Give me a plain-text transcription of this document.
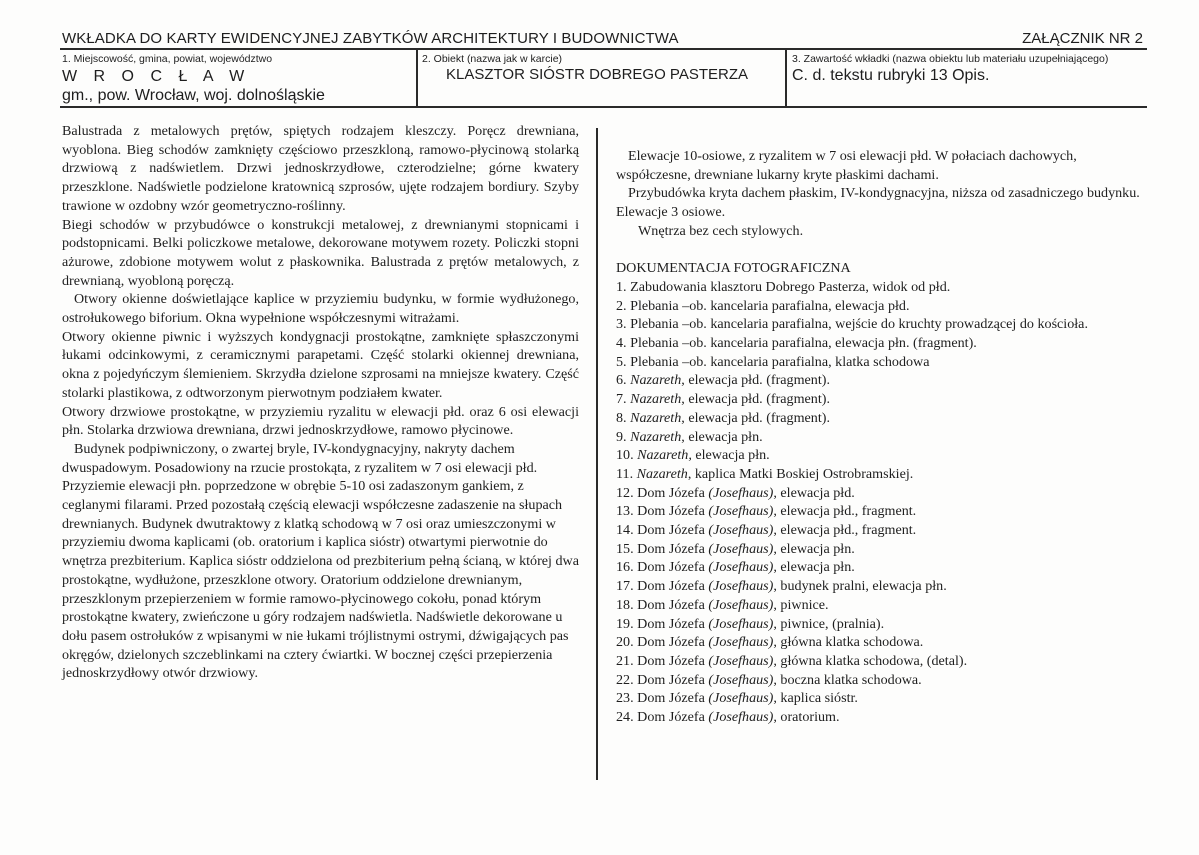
WKŁADKA DO KARTY EWIDENCYJNEJ ZABYTKÓW ARCHITEKTURY I BUDOWNICTWA	ZAŁĄCZNIK NR 2
1. Miejscowość, gmina, powiat, województwo
W R O C Ł A W
gm., pow. Wrocław, woj. dolnośląskie
2. Obiekt (nazwa jak w karcie)
KLASZTOR SIÓSTR DOBREGO PASTERZA
3. Zawartość wkładki (nazwa obiektu lub materiału uzupełniającego)
C. d. tekstu rubryki 13 Opis.

Balustrada z metalowych prętów, spiętych rodzajem kleszczy. Poręcz drewniana, wyoblona. Bieg schodów zamknięty częściowo przeszkloną, ramowo-płycinową stolarką drzwiową z nadświetlem. Drzwi jednoskrzydłowe, czterodzielne; górne kwatery przeszklone. Nadświetle podzielone kratownicą szprosów, ujęte rodzajem bordiury. Szyby trawione w ozdobny wzór geometryczno-roślinny.

Biegi schodów w przybudówce o konstrukcji metalowej, z drewnianymi stopnicami i podstopnicami. Belki policzkowe metalowe, dekorowane motywem rozety. Policzki stopni ażurowe, zdobione motywem wolut z płaskownika. Balustrada z prętów metalowych, z drewnianą, wyobloną poręczą.

Otwory okienne doświetlające kaplice w przyziemiu budynku, w formie wydłużonego, ostrołukowego biforium. Okna wypełnione współczesnymi witrażami.

Otwory okienne piwnic i wyższych kondygnacji prostokątne, zamknięte spłaszczonymi łukami odcinkowymi, z ceramicznymi parapetami. Część stolarki okiennej drewniana, okna z pojedyńczym ślemieniem. Skrzydła dzielone szprosami na mniejsze kwatery. Część stolarki plastikowa, z odtworzonym pierwotnym podziałem kwater.

Otwory drzwiowe prostokątne, w przyziemiu ryzalitu w elewacji płd. oraz 6 osi elewacji płn. Stolarka drzwiowa drewniana, drzwi jednoskrzydłowe, ramowo płycinowe.

Budynek podpiwniczony, o zwartej bryle, IV-kondygnacyjny, nakryty dachem dwuspadowym. Posadowiony na rzucie prostokąta, z ryzalitem w 7 osi elewacji płd. Przyziemie elewacji płn. poprzedzone w obrębie 5-10 osi zadaszonym gankiem, z ceglanymi filarami. Przed pozostałą częścią elewacji współczesne zadaszenie na słupach drewnianych. Budynek dwutraktowy z klatką schodową w 7 osi oraz umieszczonymi w przyziemiu dwoma kaplicami (ob. oratorium i kaplica sióstr) otwartymi pierwotnie do wnętrza prezbiterium. Kaplica sióstr oddzielona od prezbiterium pełną ścianą, w której dwa prostokątne, wydłużone, przeszklone otwory. Oratorium oddzielone drewnianym, przeszklonym przepierzeniem w formie ramowo-płycinowego cokołu, ponad którym prostokątne kwatery, zwieńczone u góry rodzajem nadświetla. Nadświetle dekorowane u dołu pasem ostrołuków z wpisanymi w nie łukami trójlistnymi ostrymi, dźwigających pas okręgów, dzielonych szczeblinkami na cztery ćwiartki. W bocznej części przepierzenia jednoskrzydłowy otwór drzwiowy.

Elewacje 10-osiowe, z ryzalitem w 7 osi elewacji płd. W połaciach dachowych, współczesne, drewniane lukarny kryte płaskimi dachami.

Przybudówka kryta dachem płaskim, IV-kondygnacyjna, niższa od zasadniczego budynku. Elewacje 3 osiowe.

Wnętrza bez cech stylowych.

DOKUMENTACJA FOTOGRAFICZNA

1. Zabudowania klasztoru Dobrego Pasterza, widok od płd.
2. Plebania –ob. kancelaria parafialna, elewacja płd.
3. Plebania –ob. kancelaria parafialna, wejście do kruchty prowadzącej do kościoła.
4. Plebania –ob. kancelaria parafialna, elewacja płn. (fragment).
5. Plebania –ob. kancelaria parafialna, klatka schodowa
6. Nazareth, elewacja płd. (fragment).
7. Nazareth, elewacja płd. (fragment).
8. Nazareth, elewacja płd. (fragment).
9. Nazareth, elewacja płn.
10. Nazareth, elewacja płn.
11. Nazareth, kaplica Matki Boskiej Ostrobramskiej.
12. Dom Józefa (Josefhaus), elewacja płd.
13. Dom Józefa (Josefhaus), elewacja płd., fragment.
14. Dom Józefa (Josefhaus), elewacja płd., fragment.
15. Dom Józefa (Josefhaus), elewacja płn.
16. Dom Józefa (Josefhaus), elewacja płn.
17. Dom Józefa (Josefhaus), budynek pralni, elewacja płn.
18. Dom Józefa (Josefhaus), piwnice.
19. Dom Józefa (Josefhaus), piwnice, (pralnia).
20. Dom Józefa (Josefhaus), główna klatka schodowa.
21. Dom Józefa (Josefhaus), główna klatka schodowa, (detal).
22. Dom Józefa (Josefhaus), boczna klatka schodowa.
23. Dom Józefa (Josefhaus), kaplica sióstr.
24. Dom Józefa (Josefhaus), oratorium.
